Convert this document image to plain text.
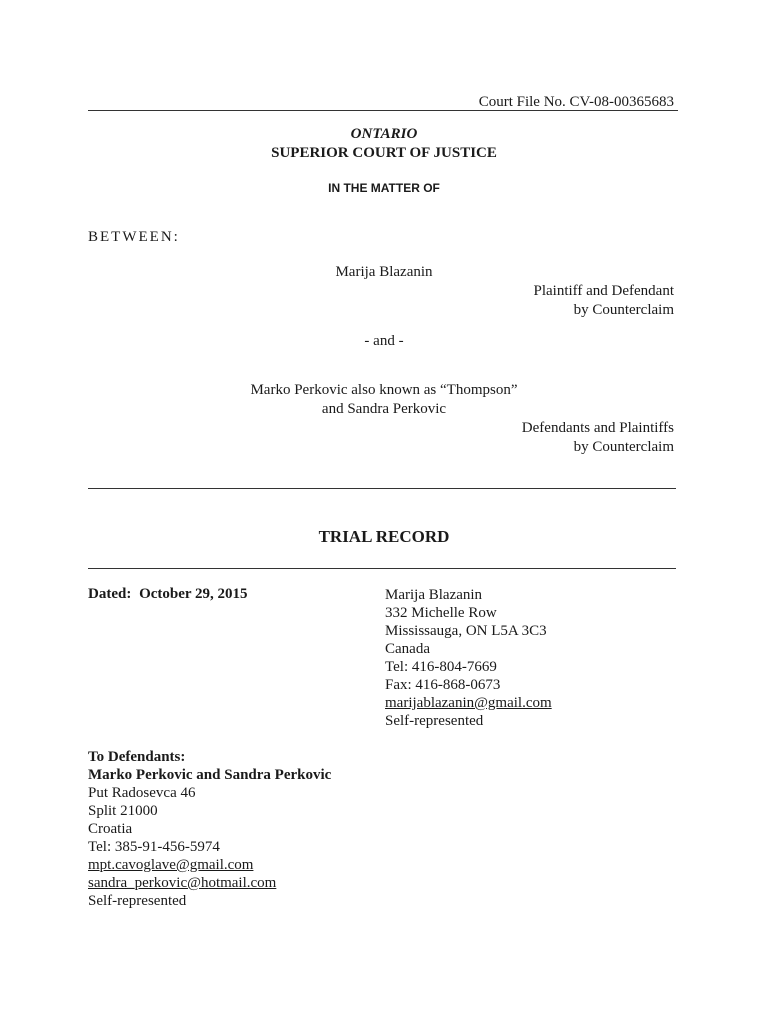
Court File No. CV-08-00365683
ONTARIO
SUPERIOR COURT OF JUSTICE
IN THE MATTER OF
BETWEEN:
Marija Blazanin
Plaintiff and Defendant
by Counterclaim
- and -
Marko Perkovic also known as “Thompson”
and Sandra Perkovic
Defendants and Plaintiffs
by Counterclaim
TRIAL RECORD
Dated: October 29, 2015	Marija Blazanin
332 Michelle Row
Mississauga, ON L5A 3C3
Canada
Tel: 416-804-7669
Fax: 416-868-0673
marijablazanin@gmail.com
Self-represented
To Defendants:
Marko Perkovic and Sandra Perkovic
Put Radosevca 46
Split 21000
Croatia
Tel: 385-91-456-5974
mpt.cavoglave@gmail.com
sandra_perkovic@hotmail.com
Self-represented
